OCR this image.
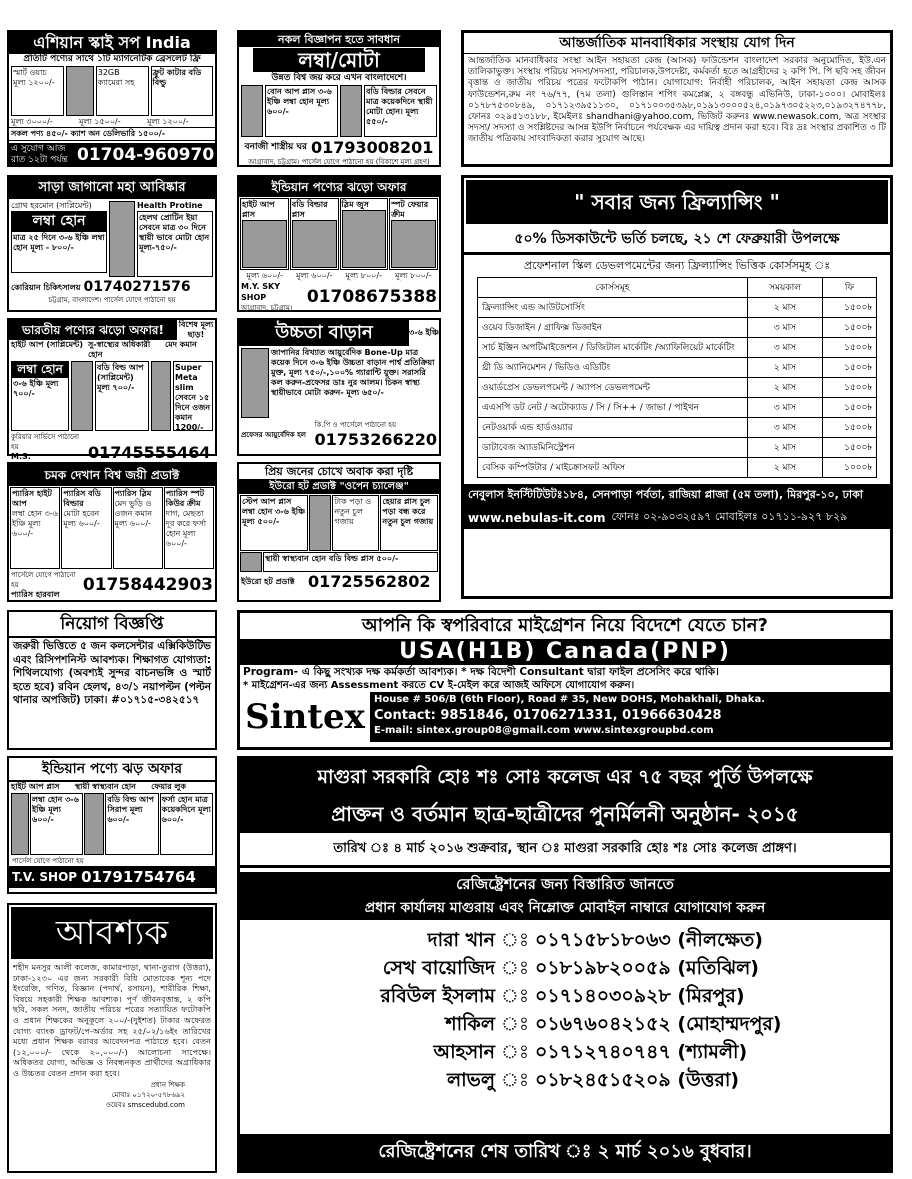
এশিয়ান স্কাই সপ India
প্রতিটি পণ্যের সাথে ১টি ম্যাগনেটিক ব্রেসলেট ফ্রি
স্মার্ট ওয়াচ মূল্য ১২০০/-
32GB ক্যামেরা সহ
ফ্রুট কাটার বডি বিল্ডু
মূল্য ৩০০০/-	মূল্য ১৫০০/-	মূল্য ১২০০/-
সকল পণ্য ৪৫০/- ক্যাশ অন ডেলিভারি ১৫০০/-
এ সুযোগ আজ রাত ১২টা পর্যন্ত 01704-960970
নকল বিজ্ঞাপন হতে সাবধান
লম্বা/মোটা
উন্নত বিশ্ব জয় করে এখন বাংলাদেশে।
বোন আপ প্লাস ৩-৬ ইঞ্চি লম্বা হোন মূল্য ৬০০/-
বডি বিল্ডার সেবনে মাত্র কয়েকদিনে স্থায়ী মোটা হোন। মূল্য ৫৫০/-
বনাজী শাস্ত্রীয় ঘর 01793008201
আগ্রাবাদ, চট্টগ্রাম। পার্সেল যোগে পাঠানো হয় (বিকাশে মূল্য গ্রহণ)
আন্তর্জাতিক মানবাধিকার সংস্থায় যোগ দিন
আন্তর্জাতিক মানবাধিকার সংস্থা আইন সহায়তা কেন্দ্র (আসক) ফাউন্ডেশন বাংলাদেশ সরকার অনুমোদিত, ইউ.এন তালিকাভুক্ত। সংস্থায় পরিচয় সদস্য/সদস্যা, পরিচালক,উপদেষ্টা, কর্মকর্তা হতে আগ্রহীদের ২ কপি পি. পি ছবি সহ জীবন বৃত্তান্ত ও জাতীয় পরিচয় পত্রের ফটোকপি পাঠান। যোগাযোগ: নির্বাহী পরিচালক, আইন সহায়তা কেন্দ্র আসক ফাউন্ডেশন,রুম নং ৭৬/৭৭, (৭ম তলা) গুলিস্তান শপিং কমপ্লেক্স, ২ বঙ্গবন্ধু এভিনিউ, ঢাকা-১০০০। মোবাইলঃ ০১৭৮৭৫৩০৮৪৯, ০১৭১২৩৯৫১১৩০, ০১৭১০০৩৫৩৯৮,০১৯১৩০০০৫২৪,০১৯৭৩০৫২২৩,০১৯৩২৭৪৭৭৮, ফোনঃ ০২৯৫১৩১৮৮, ইমেইলঃ shandhani@yahoo.com, ভিজিট করুনঃ www.newasok.com, অত্র সংস্থার সদস্য/ সদস্যা ও সংশ্লিষ্টদের আসন্ন ইউপি নির্বাচনে পর্যবেক্ষক এর দায়িত্ব প্রদান করা হবে। বিঃ দ্রঃ সংস্থার প্রকাশিত ৩ টি জাতীয় পত্রিকায় সাংবাদিকতা করার সুযোগ আছে।
সাড়া জাগানো মহা আবিষ্কার
গ্রোথ হরমোন (সাপ্লিমেন্ট)
লম্বা হোন
মাত্র ২৫ দিনে ৩-৬ ইঞ্চি লম্বা হোন মূল্য - ৮০০/-
Health Protine
হেলথ প্রোটিন ইয়া সেবনে মাত্র ৩০ দিনে স্থায়ী ভাবে মোটা হোন মূল্য-৭৫০/-
কোরিয়ান চিকিৎসালয় 01740271576
চট্টগ্রাম, বাংলাদেশ। পার্সেল যোগে পাঠানো হয়
ইন্ডিয়ান পণ্যের ঝড়ো অফার
হাইট আপ প্লাস
বডি বিল্ডার প্লাস
স্লিম জুস	স্পট ফেয়ার ক্রীম
মূল্য ৬০০/-	মূল্য ৬০০/-	মূল্য ৮০০/-	মূল্য ৮০০/-
M.Y. SKY SHOP
আগ্রাবাদ, চট্টগ্রাম।
01708675388
" সবার জন্য ফ্রিল্যান্সিং "
৫০% ডিসকাউন্টে ভর্তি চলছে, ২১ শে ফেব্রুয়ারী উপলক্ষে
প্রফেশনাল স্কিল ডেভলপমেন্টের জন্য ফ্রিল্যান্সিং ভিত্তিক কোর্সসমূহ ঃ
কোর্সসমূহ	সময়কাল	ফি
ফ্রিল্যান্সিং এন্ড আউটসোর্সিং	২ মাস	১৫০০৳
ওয়েব ডিজাইন / গ্রাফিক্স ডিজাইন	৩ মাস	১৫০০৳
সার্চ ইঞ্জিন অপটিমাইজেশন / ডিজিটাল মার্কেটিং /অ্যাফিলিয়েট মার্কেটিং	৩ মাস	১৫০০৳
থ্রী ডি অ্যানিমেশন / ভিডিও এডিটিং	২ মাস	১৫০০৳
ওয়ার্ডপ্রেস ডেভলপমেন্ট / অ্যাপস ডেভলপমেন্ট	২ মাস	১৫০০৳
এএসপি ডট নেট / অটোক্যাড / সি / সি++ / জাভা / পাইথন	৩ মাস	১৫০০৳
নেটওয়ার্ক এন্ড হার্ডওয়্যার	৩ মাস	১৫০০৳
ডাটাবেজ অ্যাডমিনিস্ট্রেশন	২ মাস	১৫০০৳
বেসিক কম্পিউটার / মাইক্রোসফট অফিস	২ মাস	১০০০৳
নেবুলাস ইনস্টিটিউটঃ১৮৪, সেনপাড়া পর্বতা, রাজিয়া প্লাজা (৫ম তলা), মিরপুর-১০, ঢাকা
www.nebulas-it.com ফোনঃ ০২-৯০৩২৫৯৭ মোবাইলঃ ০১৭১১-৯২৭ ৮২৯
ভারতীয় পণ্যের ঝড়ো অফার!	বিশেষ মূল্য ছাড়!
হাইট আপ (সাপ্লিমেন্ট) সু-স্বাস্থ্যের অধিকারী হোন
মেদ কমান
লম্বা হোন
৩-৬ ইঞ্চি মূল্য ৭০০/-
বডি বিল্ড আপ (সাপ্লিমেন্ট) মূল্য ৭০০/-
Super Meta slim সেবনে ১৫ দিনে ওজন কমান 1200/-
কুরিয়ার সার্ভিসে পাঠানো হয়
M.S.	01745555464
উচ্চতা বাড়ান	৩-৬ ইঞ্চি
জাপানির বিখ্যাত আয়ুর্বেদিক Bone-Up মাত্র কয়েক দিনে ৩-৬ ইঞ্চি উচ্চতা বাড়ান পার্শ্ব প্রতিক্রিয়া মুক্ত, মূল্য ৭৫০/-,১০০% গ্যারান্টি যুক্ত। সরাসরি কল করুন-প্রফেসর ডাঃ নুর আলম। চিকন স্বাস্থ্য স্থায়ীভাবে মোটা করুন- মূল্য ৬৫০/-
প্রফেসর আয়ুর্বেদিক হল
কি.পি ও পার্সেলে পাঠানো হয়
01753266220
চমক দেখান বিশ্ব জয়ী প্রডাক্ট
প্যারিস হাইট আপ
লম্বা হোন ৩-৬ ইঞ্চি মূল্য ৬০০/-
প্যারিস বডি বিল্ডার
মোটা হবেন মূল্য ৬০০/-
প্যারিস স্লিম
মেদ ভুড়ি ও ওজন কমান মূল্য ৬০০/-
প্যারিস স্পট কিউর ক্রীম
দাগ, মেছতা দূর করে ফর্সা হোন মূল্য ৬০০/-
পার্সেলে যোগে পাঠানো হয়
প্যারিস হারবাল	01758442903
প্রিয় জনের চোখে অবাক করা দৃষ্টি
ইউরো হট প্রডাক্ট "ওপেন চ্যালেঞ্জ"
স্টেপ আপ প্লাস লম্বা হোন ৩-৬ ইঞ্চি মূল্য ৫০০/-
টাক পড়া ও নতুন চুল গজায়
হেয়ার প্লাস চুল পড়া বন্ধ করে নতুন চুল গজায়
স্থায়ী স্বাস্থ্যবান হোন বডি বিল্ড প্লাস ৫০০/-
ইউরো হট প্রডাক্ট 01725562802
নিয়োগ বিজ্ঞপ্তি
জরুরী ভিত্তিতে ৫ জন কলসেন্টার এক্সিকিউটিভ এবং রিসিপশনিস্ট আবশ্যক। শিক্ষাগত যোগ্যতা: শিথিলযোগ্য (অবশ্যই সুন্দর বাচনভঙ্গি ও স্মার্ট হতে হবে) রবিন হেলথ, ৪৩/১ নয়াপল্টন (পল্টন থানার অপজিট) ঢাকা। #০১৭১৫-৩৪২৫১৭
আপনি কি স্বপরিবারে মাইগ্রেশন নিয়ে বিদেশে যেতে চান?
USA(H1B) Canada(PNP)
Program- এ কিছু সংখ্যক দক্ষ কর্মকর্তা আবশ্যক। * দক্ষ বিদেশী Consultant দ্বারা ফাইল প্রসেসিং করে থাকি।
* মাইগ্রেশন-এর জন্য Assessment করতে CV ই-মেইল করে আজই অফিসে যোগাযোগ করুন।
Sintex House # 506/B (6th Floor), Road # 35, New DOHS, Mohakhali, Dhaka.
Contact: 9851846, 01706271331, 01966630428
E-mail: sintex.group08@gmail.com www.sintexgroupbd.com
ইন্ডিয়ান পণ্যে ঝড় অফার
হাইট আপ প্লাস	স্থায়ী স্বাস্থ্যবান হোন	ফেয়ার লুক
লম্বা হোন ৩-৬ ইঞ্চি মূল্য ৬০০/-
বডি বিল্ড আপ সিরাপ মূল্য ৬০০/-
ফর্সা হোন মাত্র কয়েকদিনে মূল্য ৬০০/-
পার্সেল যোগে পাঠানো হয়
T.V. SHOP 01791754764
মাগুরা সরকারি হোঃ শঃ সোঃ কলেজ এর ৭৫ বছর পুর্তি উপলক্ষে
প্রাক্তন ও বর্তমান ছাত্র-ছাত্রীদের পুনর্মিলনী অনুষ্ঠান- ২০১৫
তারিখ ঃ ৪ মার্চ ২০১৬ শুক্রবার, স্থান ঃ মাগুরা সরকারি হোঃ শঃ সোঃ কলেজ প্রাঙ্গণ।
রেজিষ্ট্রেশনের জন্য বিস্তারিত জানতে
প্রধান কার্যালয় মাগুরায় এবং নিম্লোক্ত মোবাইল নাম্বারে যোগাযোগ করুন
দারা খান ঃ ০১৭১৫৮১৮০৬৩ (নীলক্ষেত)
সেখ বায়োজিদ ঃ ০১৮১৯৮২০০৫৯ (মতিঝিল)
রবিউল ইসলাম ঃ ০১৭১৪০৩০৯২৮ (মিরপুর)
শাকিল ঃ ০১৬৭৬০৪২১৫২ (মোহাম্মদপুর)
আহসান ঃ ০১৭১২৭৪০৭৪৭ (শ্যামলী)
লাভলু ঃ ০১৮২৪৫১৫২০৯ (উত্তরা)
রেজিষ্ট্রেশনের শেষ তারিখ ঃ ২ মার্চ ২০১৬ বুধবার।
আবশ্যক
শহীদ মনসুর আলী কলেজ, কামারপাড়া, থানা-তুরাগ (উত্তরা), ঢাকা-১২৩০ এর জন্য সরকারী বিধি মোতাবেক শূন্য পদে ইংরেজি, গণিত, বিজ্ঞান (পদার্থ, রসায়ন), শারীরিক শিক্ষা, বিষয়ে সহকারী শিক্ষক আবশ্যক। পূর্ণ জীবনবৃত্তান্ত, ২ কপি ছবি, সকল সনদ, জাতীয় পরিচয় পত্রের সত্যায়িত ফটোকপি ও প্রধান শিক্ষকের অনুকূলে ২০০/-(দুইশত) টাকার অফেরত যোগ্য ব্যাংক ড্রাফট/পে-অর্ডার সহ ২৫/০২/১৬ইং তারিখের মধ্যে প্রধান শিক্ষক বরাবর আবেদনপত্র পাঠাতে হবে। বেতন (১২,০০০/- থেকে ২০,০০০/-) আলোচনা সাপেক্ষে। অধিকতর যোগ্য, অভিজ্ঞ ও নিবন্ধনকৃত প্রার্থীদের অগ্রাধিকার ও উচ্চতর বেতন প্রদান করা হবে।
প্রধান শিক্ষক
মোবাঃ ০১৭২০-৫৭৮৬৯২
ওয়েবঃ smscedubd.com
